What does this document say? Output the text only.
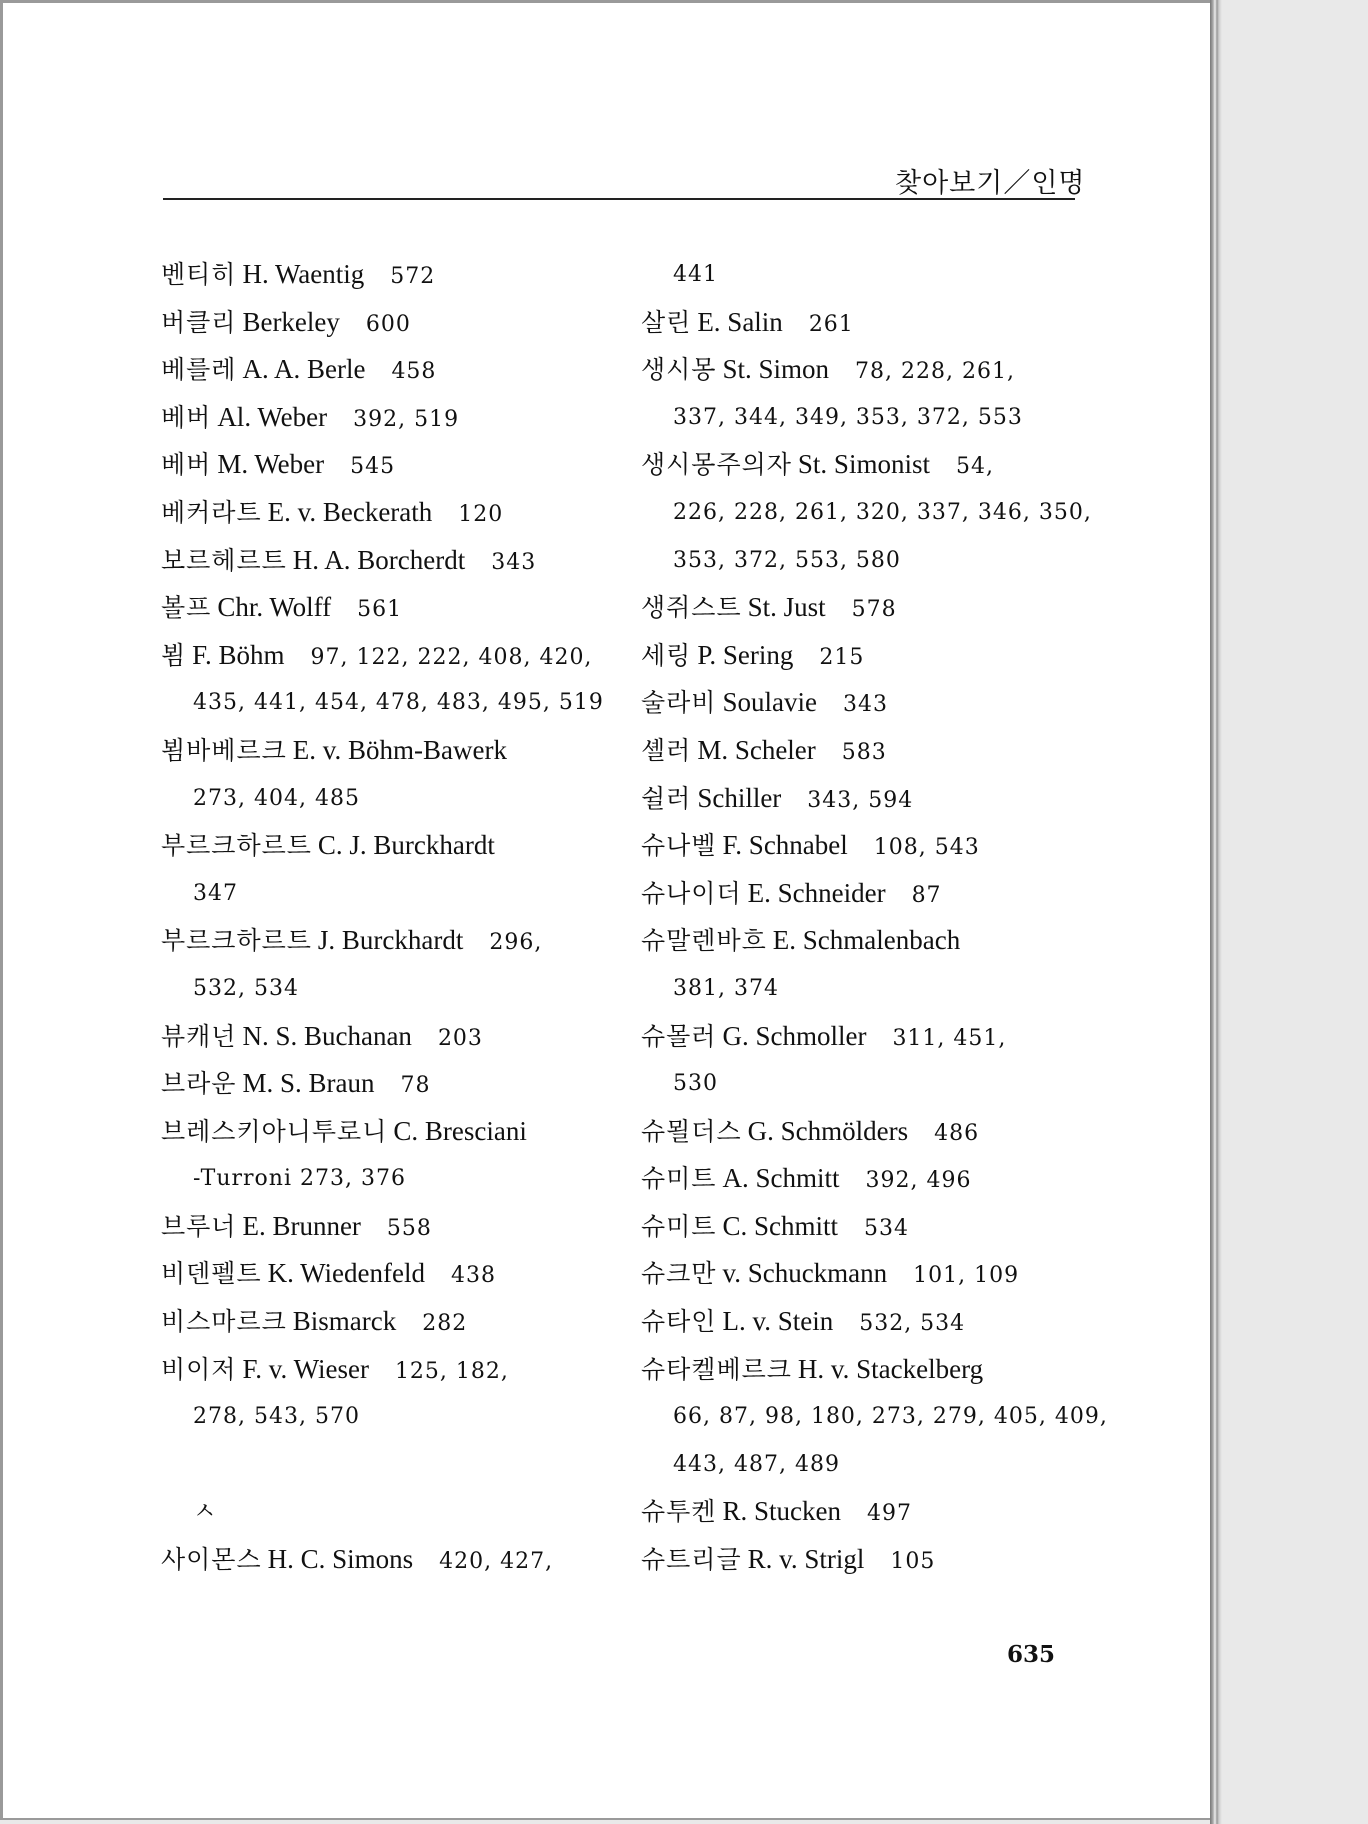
찾아보기／인명
벤티히 H. Waentig 572
버클리 Berkeley 600
베를레 A. A. Berle 458
베버 Al. Weber 392, 519
베버 M. Weber 545
베커라트 E. v. Beckerath 120
보르헤르트 H. A. Borcherdt 343
볼프 Chr. Wolff 561
뵘 F. Böhm 97, 122, 222, 408, 420,
435, 441, 454, 478, 483, 495, 519
뵘바베르크 E. v. Böhm-Bawerk
273, 404, 485
부르크하르트 C. J. Burckhardt
347
부르크하르트 J. Burckhardt 296,
532, 534
뷰캐넌 N. S. Buchanan 203
브라운 M. S. Braun 78
브레스키아니투로니 C. Bresciani
-Turroni 273, 376
브루너 E. Brunner 558
비덴펠트 K. Wiedenfeld 438
비스마르크 Bismarck 282
비이저 F. v. Wieser 125, 182,
278, 543, 570
ㅅ
사이몬스 H. C. Simons 420, 427,
441
살린 E. Salin 261
생시몽 St. Simon 78, 228, 261,
337, 344, 349, 353, 372, 553
생시몽주의자 St. Simonist 54,
226, 228, 261, 320, 337, 346, 350,
353, 372, 553, 580
생쥐스트 St. Just 578
세링 P. Sering 215
술라비 Soulavie 343
셸러 M. Scheler 583
쉴러 Schiller 343, 594
슈나벨 F. Schnabel 108, 543
슈나이더 E. Schneider 87
슈말렌바흐 E. Schmalenbach
381, 374
슈몰러 G. Schmoller 311, 451,
530
슈묄더스 G. Schmölders 486
슈미트 A. Schmitt 392, 496
슈미트 C. Schmitt 534
슈크만 v. Schuckmann 101, 109
슈타인 L. v. Stein 532, 534
슈타켈베르크 H. v. Stackelberg
66, 87, 98, 180, 273, 279, 405, 409,
443, 487, 489
슈투켄 R. Stucken 497
슈트리글 R. v. Strigl 105
635
